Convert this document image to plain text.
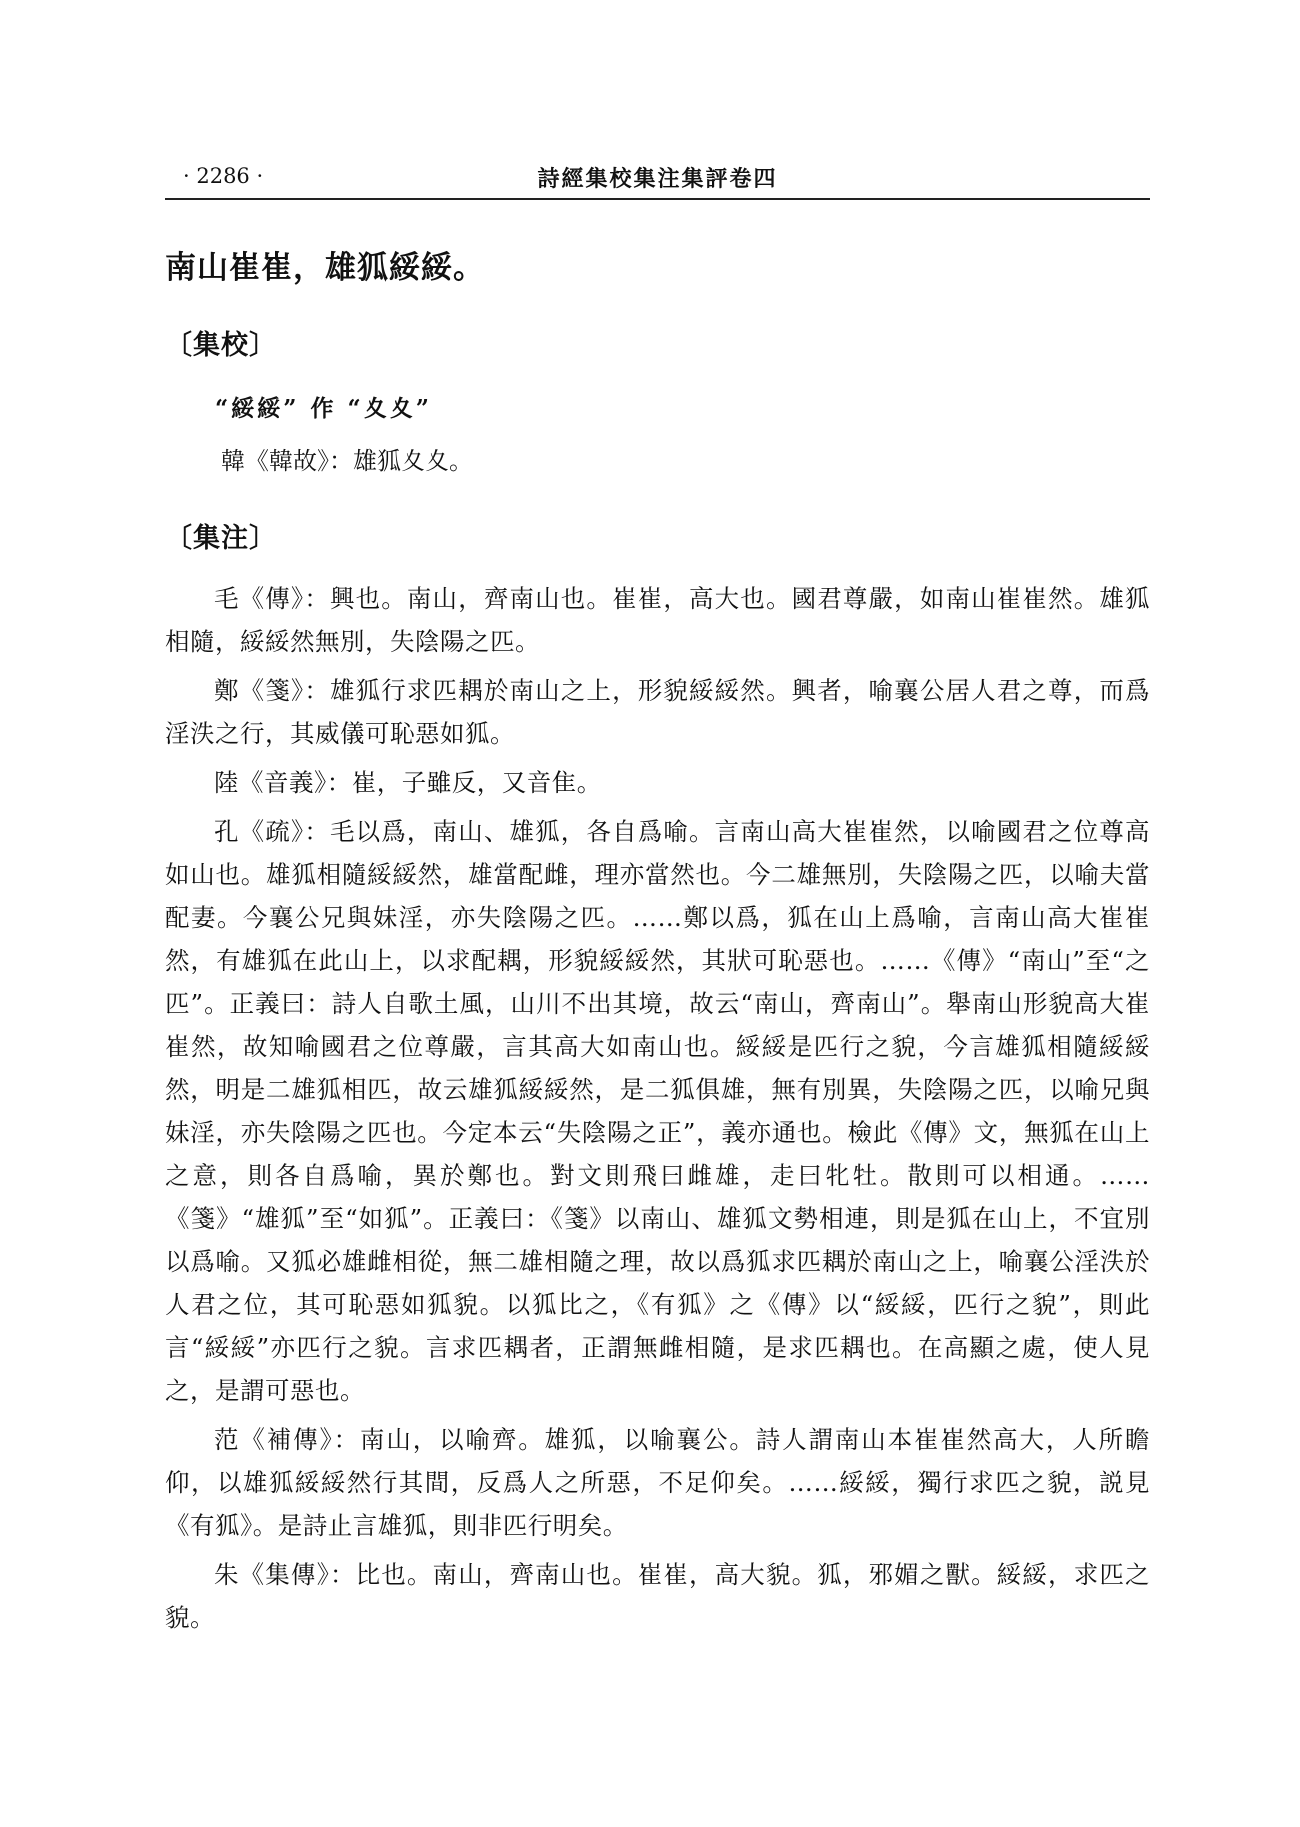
· 2286 ·	詩經集校集注集評卷四
南山崔崔，雄狐綏綏。
〔集校〕
“綏綏” 作 “夊夊”
韓《韓故》：雄狐夊夊。
〔集注〕

毛《傳》：興也。南山，齊南山也。崔崔，高大也。國君尊嚴，如南山崔崔然。雄狐相隨，綏綏然無別，失陰陽之匹。

鄭《箋》：雄狐行求匹耦於南山之上，形貌綏綏然。興者，喻襄公居人君之尊，而爲淫泆之行，其威儀可恥惡如狐。

陸《音義》：崔，子雖反，又音隹。

孔《疏》：毛以爲，南山、雄狐，各自爲喻。言南山高大崔崔然，以喻國君之位尊高如山也。雄狐相隨綏綏然，雄當配雌，理亦當然也。今二雄無別，失陰陽之匹，以喻夫當配妻。今襄公兄與妹淫，亦失陰陽之匹。……鄭以爲，狐在山上爲喻，言南山高大崔崔然，有雄狐在此山上，以求配耦，形貌綏綏然，其狀可恥惡也。……《傳》“南山”至“之匹”。正義曰：詩人自歌土風，山川不出其境，故云“南山，齊南山”。舉南山形貌高大崔崔然，故知喻國君之位尊嚴，言其高大如南山也。綏綏是匹行之貌，今言雄狐相隨綏綏然，明是二雄狐相匹，故云雄狐綏綏然，是二狐俱雄，無有別異，失陰陽之匹，以喻兄與妹淫，亦失陰陽之匹也。今定本云“失陰陽之正”，義亦通也。檢此《傳》文，無狐在山上之意，則各自爲喻，異於鄭也。對文則飛曰雌雄，走曰牝牡。散則可以相通。……《箋》“雄狐”至“如狐”。正義曰：《箋》以南山、雄狐文勢相連，則是狐在山上，不宜別以爲喻。又狐必雄雌相從，無二雄相隨之理，故以爲狐求匹耦於南山之上，喻襄公淫泆於人君之位，其可恥惡如狐貌。以狐比之，《有狐》之《傳》以“綏綏，匹行之貌”，則此言“綏綏”亦匹行之貌。言求匹耦者，正謂無雌相隨，是求匹耦也。在高顯之處，使人見之，是謂可惡也。

范《補傳》：南山，以喻齊。雄狐，以喻襄公。詩人謂南山本崔崔然高大，人所瞻仰，以雄狐綏綏然行其間，反爲人之所惡，不足仰矣。……綏綏，獨行求匹之貌，説見《有狐》。是詩止言雄狐，則非匹行明矣。

朱《集傳》：比也。南山，齊南山也。崔崔，高大貌。狐，邪媚之獸。綏綏，求匹之貌。
